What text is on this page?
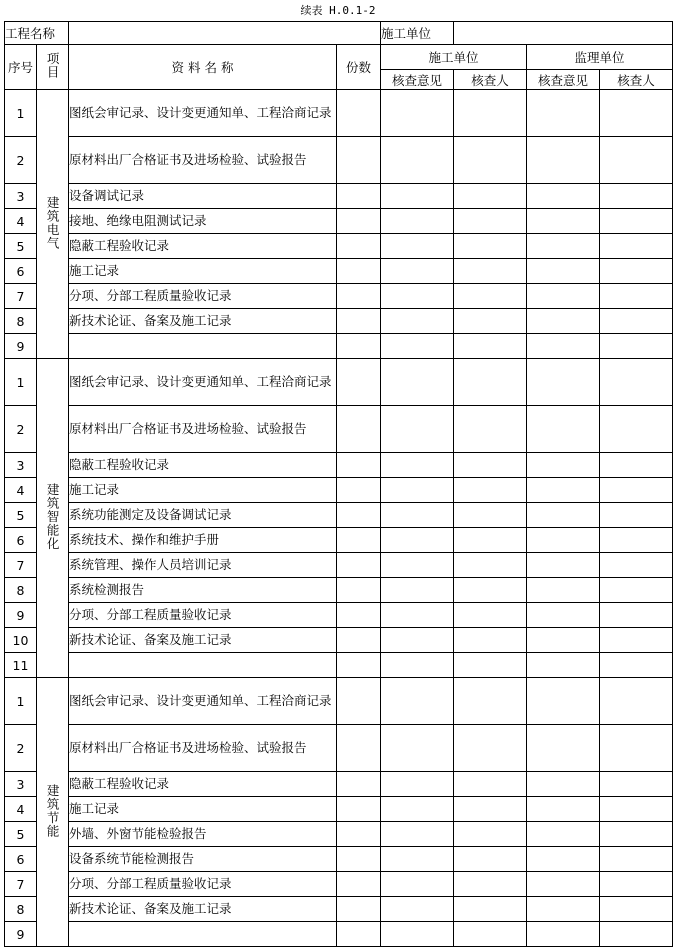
续表 H.0.1-2
工程名称				施工单位			
序号	项目	资 料 名 称	份数	施工单位		监理单位	
				核查意见	核查人	核查意见	核查人
1	建筑电气	图纸会审记录、设计变更通知单、工程洽商记录					
2		原材料出厂合格证书及进场检验、试验报告					
3		设备调试记录					
4		接地、绝缘电阻测试记录					
5		隐蔽工程验收记录					
6		施工记录					
7		分项、分部工程质量验收记录					
8		新技术论证、备案及施工记录					
9							
1	建筑智能化	图纸会审记录、设计变更通知单、工程洽商记录					
2		原材料出厂合格证书及进场检验、试验报告					
3		隐蔽工程验收记录					
4		施工记录					
5		系统功能测定及设备调试记录					
6		系统技术、操作和维护手册					
7		系统管理、操作人员培训记录					
8		系统检测报告					
9		分项、分部工程质量验收记录					
10		新技术论证、备案及施工记录					
11							
1	建筑节能	图纸会审记录、设计变更通知单、工程洽商记录					
2		原材料出厂合格证书及进场检验、试验报告					
3		隐蔽工程验收记录					
4		施工记录					
5		外墙、外窗节能检验报告					
6		设备系统节能检测报告					
7		分项、分部工程质量验收记录					
8		新技术论证、备案及施工记录					
9							
